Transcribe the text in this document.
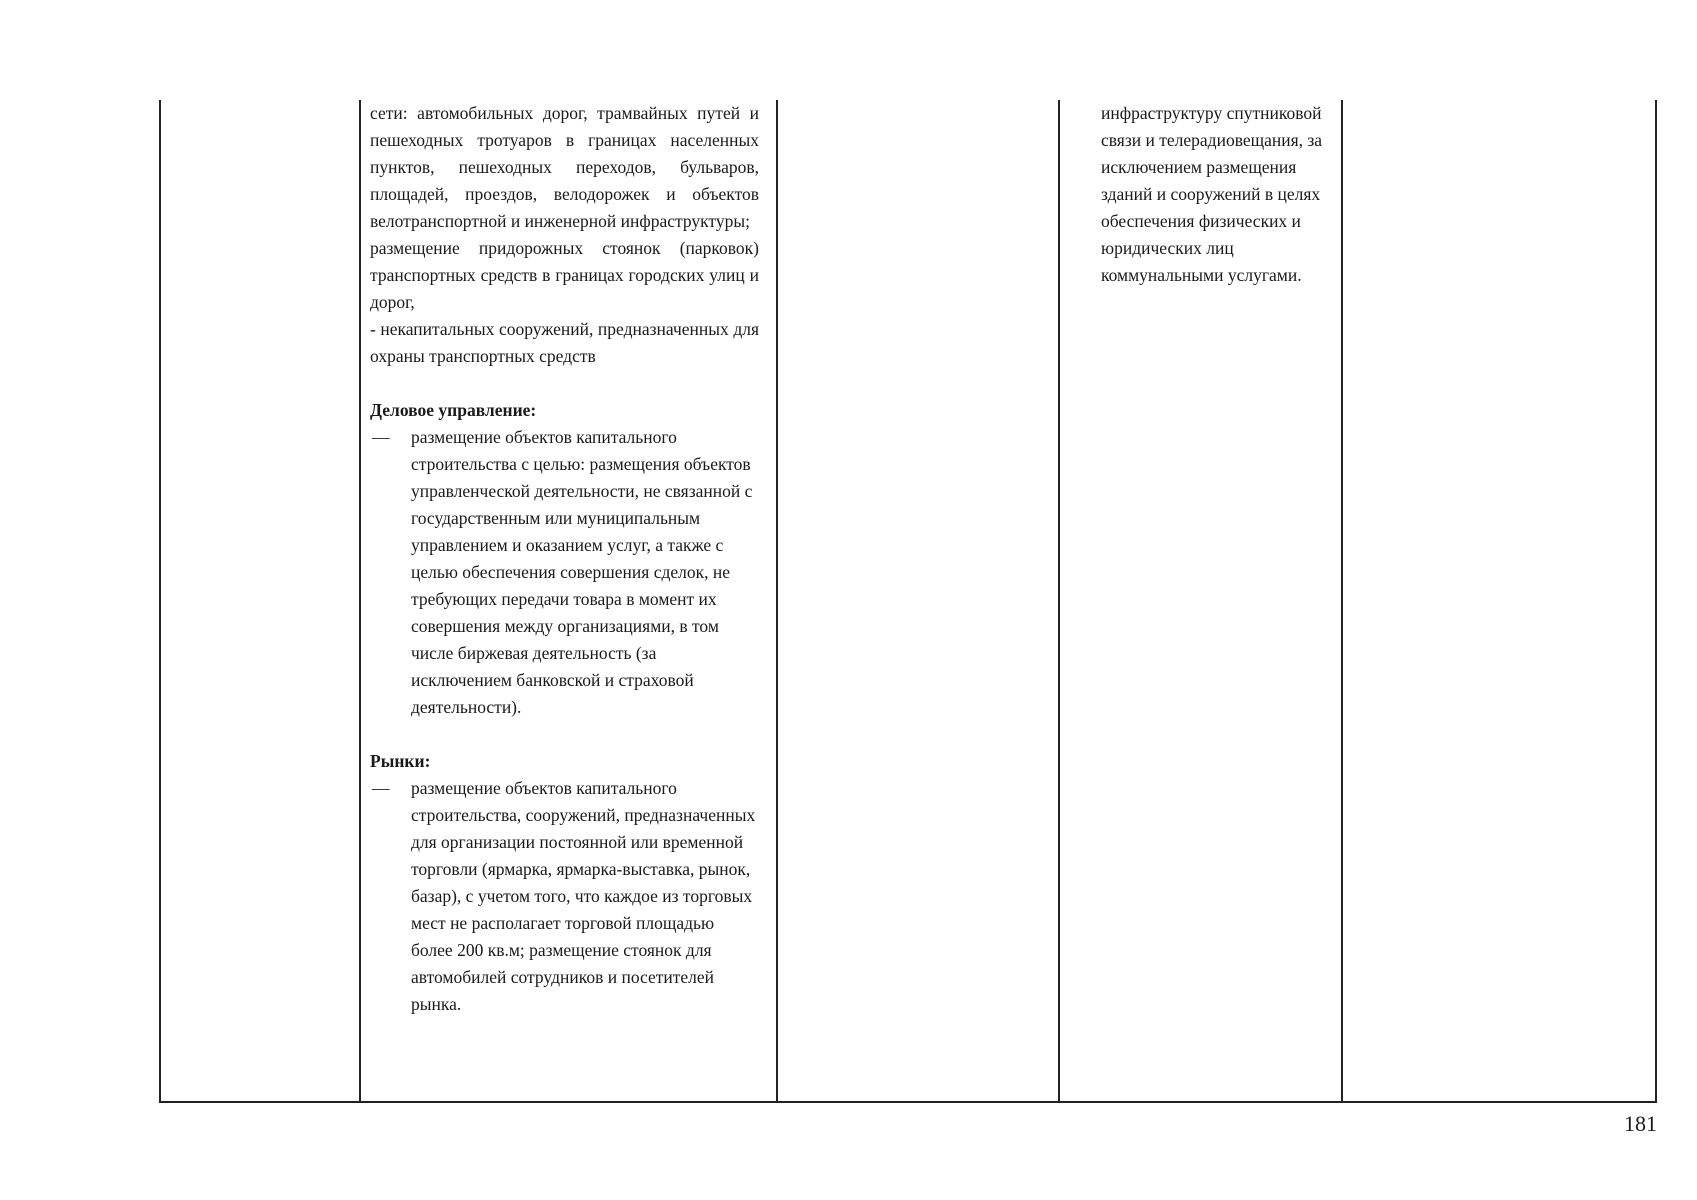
сети: автомобильных дорог, трамвайных путей и пешеходных тротуаров в границах населенных пунктов, пешеходных переходов, бульваров, площадей, проездов, велодорожек и объектов велотранспортной и инженерной инфраструктуры;

размещение придорожных стоянок (парковок) транспортных средств в границах городских улиц и дорог,

- некапитальных сооружений, предназначенных для охраны транспортных средств

Деловое управление:

— размещение объектов капитального строительства с целью: размещения объектов управленческой деятельности, не связанной с государственным или муниципальным управлением и оказанием услуг, а также с целью обеспечения совершения сделок, не требующих передачи товара в момент их совершения между организациями, в том числе биржевая деятельность (за исключением банковской и страховой деятельности).

Рынки:

— размещение объектов капитального строительства, сооружений, предназначенных для организации постоянной или временной торговли (ярмарка, ярмарка-выставка, рынок, базар), с учетом того, что каждое из торговых мест не располагает торговой площадью более 200 кв.м; размещение стоянок для автомобилей сотрудников и посетителей рынка.

инфраструктуру спутниковой связи и телерадиовещания, за исключением размещения зданий и сооружений в целях обеспечения физических и юридических лиц коммунальными услугами.

181
